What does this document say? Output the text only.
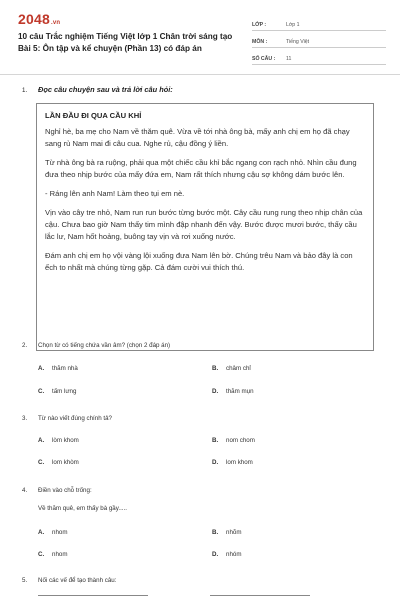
2048.vn
10 câu Trắc nghiệm Tiếng Việt lớp 1 Chân trời sáng tạo Bài 5: Ôn tập và kể chuyện (Phần 13) có đáp án
LỚP :	Lớp 1
MÔN :	Tiếng Việt
SỐ CÂU :	11
1. Đọc câu chuyện sau và trả lời câu hỏi:
LẦN ĐẦU ĐI QUA CẦU KHỈ

Nghỉ hè, ba mẹ cho Nam về thăm quê. Vừa về tới nhà ông bà, mấy anh chị em họ đã chạy sang rủ Nam mai đi câu cua. Nghe rủ, cậu đồng ý liền.

Từ nhà ông bà ra ruộng, phải qua một chiếc cầu khỉ bắc ngang con rạch nhỏ. Nhìn cầu đung đưa theo nhịp bước của mấy đứa em, Nam rất thích nhưng cậu sợ không dám bước lên.

- Ráng lên anh Nam! Làm theo tụi em nè.

Vịn vào cây tre nhỏ, Nam run run bước từng bước một. Cây cầu rung rung theo nhịp chân của cậu. Chưa bao giờ Nam thấy tim mình đập nhanh đến vậy. Bước được mươi bước, thấy cầu lắc lư, Nam hốt hoảng, buông tay vịn và rơi xuống nước.

Đám anh chị em họ vội vàng lội xuống đưa Nam lên bờ. Chúng trêu Nam và bảo đây là con ếch to nhất mà chúng từng gặp. Cả đám cười vui thích thú.

2. Chọn từ có tiếng chứa vần âm? (chọn 2 đáp án)
A. thăm nhà	B. châm chỉ
C. tấm lưng	D. thăm mụn
3. Từ nào viết đúng chính tả?
A. lòm khom	B. nom chom
C. lom khòm	D. lom khom
4. Điền vào chỗ trống:
Về thăm quê, em thấy bà gầy.....
A. nhom	B. nhõm
C. nhom	D. nhóm
5. Nối các vế để tạo thành câu:
